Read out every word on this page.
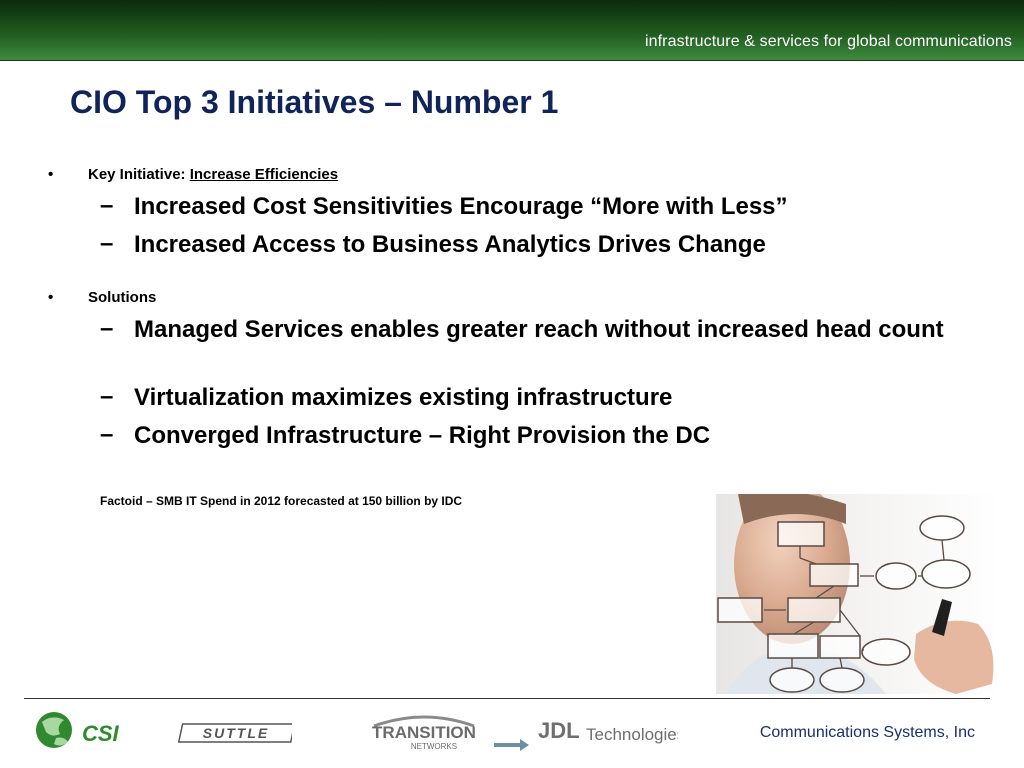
infrastructure & services for global communications
CIO Top 3 Initiatives – Number 1
• Key Initiative: Increase Efficiencies
– Increased Cost Sensitivities Encourage “More with Less”
– Increased Access to Business Analytics Drives Change
• Solutions
– Managed Services enables greater reach without increased head count
– Virtualization maximizes existing infrastructure
– Converged Infrastructure – Right Provision the DC
Factoid – SMB IT Spend in 2012 forecasted at 150 billion by IDC
CSI	SUTTLE	TRANSITION
NETWORKS
JDL Technologies	Communications Systems, Inc
